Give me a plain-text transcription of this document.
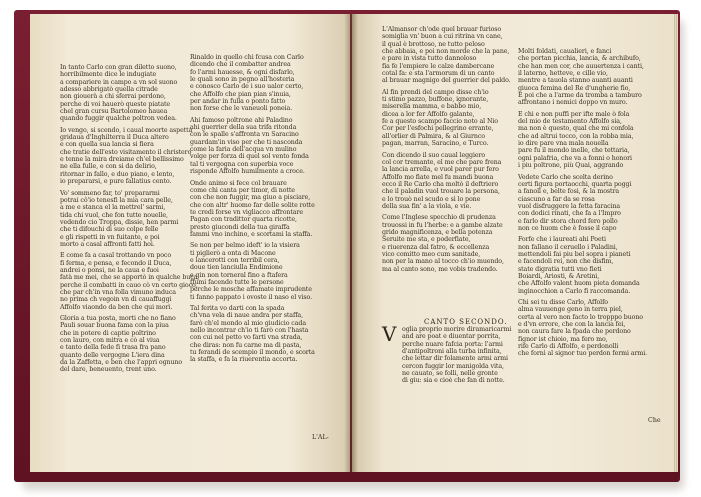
In tanto Carlo con gran diletto suono,
horribilmente dice le indugiate
a compariere in campo a vn sol suono
adesso abbrigatò quella citrade
non giouerà a chi sferrai perdono,
perche di voi hauerò queste piatate
chel gran cursu Bartolomeo hauea
quando fuggir qualche poltron vedea.
Io vengo, si scendo, i caual moorte aspetta
gridaua d'Inghilterra il Duca altero
e con quella sua lancia si fiera
che tratie dell'esto visitamento il christero
e tenne la mira dreiame ch'el bellissimo
ne ella fulle, e con si da delirio,
ritornar in fallo, e duo piano, e lento,
io prepararsi, e pure fallatius cento.
Vo' sommeno far, to' prepararmi
potrai cô'io tenesfi la mia cara pelle,
a me e stanca el la mettrel' sarmi,
tida chi vuol, che fon tutte nouelle,
vedendo cio Troppa, dissie, hen parmi
che ti difouchi di suo colpe felle
e gli rispetti in vn fuitante, e poi
morto a casal affronti fatti hoi.
E come fa a casal trottando vn poco
fi ferma, e pensa, e fecondo il Duca,
andrei o ponsi, ne la caua e fuoi
fatà me mei, che se apportò in qualche buca,
perche il combatti in cauo cò vn certo gioco,
che par ch'in vna folla vimuno induca
no prima ch vegoin vn di cauaffuggi
Affolfo viaondo da ben che qui morì.
Gloria a tua posta, morti che no fiano
Pauli souar buona fama con la piua
che in potere di captie poltrino
con lauro, con mitra e cò al viua
e tanto della fede fi trasa fra pano
quanto delle vergogne L'iera dina
da la Zaffetta, e ben che l'appri ognuno
del dare, beneuento, trent uno.
Rinaldo in quello chi fcusa con Carlo
dicendo che il combatter andrea
fo l'armi hauesse, & ogni disfarlo,
le quali sono in pegno all'hosteria
e conosco Carlo de i suo ualor certo,
che Affolfo che pian pian s'inuia,
per andar in fulla o ponto fatto
non forse che le vaneuoli poneia.
Ahi famoso poltrone ahi Paladino
ahi guerrier della sua trifa ritonda
con le spalle s'affronta vn Saracino
guardam'in viso per che ti nasconda
come la faria dell'acqua vn mulino
volge per forza di quel sol vento fonda
tal ti vergogna con superbia voce
risponde Affolfo humilmente a croce.
Onde animo si fece col brauare
come chi canta per timor, di notte
con che non fuggir, ma giuo a pisciare,
che con altr' huomo far delle solite rotte
te credi forse vn vigliacco affrontare
Pagan con tradittor quarta ricotte,
presto giucondi della tua giraffa
fammi vno inchino, e scortami la staffa.
Se non per belmo ideft' io la visiera
ti piglierò a onta di Macone
e lancerotti con terribil cera,
doue tien lanciulla Endimione
e gin non torneral fino a ftafera
ffumi facendo tutte le persone
perche le mosche affamate imprudente
ti fanno pappato i ovoste il naso el viso.
Tal ferita vo darti con la spada
ch'vna vela di naue andra per staffa,
farò ch'el mondo al mio giudicio cada
nello incontrar ch'io ti farò con l'hasta
con cui nel petto vo farti vna strada,
che diras: non fu carne ma di pasta,
tu ferandi de scempio il mondo, e scorta
la staffa, e fa la riuerentia accorta.
L'AL-
L'Almansor ch'ode quel brauar furioso
somiglia vn' buon a cui ritrina vn cane,
il qual è brottoso, ne tutto peloso
che abbaia, e poi non morde che la pane,
e pare in vista tutto dannoloso
fia fe l'empiere le calze dambercane
cotal fa: e sta l'armorum di un canto
al brauar magnigo del guerrier del paldo.
Al fin prendi del campo disse ch'io
ti stimo pazzo, buffone, ignorante,
miserella mamma, e babbo mio,
dicea a lor fer Affolfo galante,
fe a questo scampo faccio noto al Nio
Cor per l'esfochi pellegrino errante,
all'orlier di Palmira, & al Giurnco
pagan, marran, Saracino, e Turco.
Con dicendo il suo caual leggiero
col cor tremante, el me che pare frena
la lancia arrella, e vuol parer pur fero
Affolfo mo fiate mel fu mandi buona
ecco il Re Carlo cha moltò il deftriero
che il paladin vuol trouare la persona,
e lo trouò nel scudo e sì lo pone
della sua fin' a la viola, e vie.
Come l'Inglese specchio di prudenza
trouossi in fu l'herbe: e a gambe alzate
grido magnificenza, e bella potenza
Seruite me sta, e poderfiate,
e riuerenza dal fatro, & eccellenza
vico comitto meo cum sanitade,
non per la mano al tocco ch'io muendo,
ma al canto sono, me vobis tradendo.
CANTO SECONDO.
V oglia proprio morire diramaricarmi
and are poat e diuentar porrita,
perche nuare fafcia porta: l'armi
d'antipoltroni alla turba infinita,
che lettar dir folamente armi armi
cercon fuggir lor manigolda vita,
ne cauato, se folli, nelle gronte
di giu: sia e cioè che fan di notte.
Molti foldati, caualieri, e fanci
che portan picchia, lancia, & archibufo,
che han men cor, che auuertenza i canti,
il laterno, hetteve, e cille vio,
mentre a tauola stanno auanti auanti
giuoca femina del Re d'ungherie fio,
E poi che a l'arme da tromba a tamburo
affrontano i nemici doppo vn muro.
E chi e non puffi per ifte male ò fola
del mio de testamento Affolfo sia,
ma non è questo, qual che mi confola
che ad altrui tocco, con la robba mia,
io dire pare vna mala nouella
pare fu il mondo inelle, che tettaria,
ogni palafria, che va a fonni o honori
i piu poltrone, più Quai, aggrando
Vedete Carlo che scelta derino
certi figura portaocchi, quarta poggi
a fanoll e, belte fosi, & la mostra
ciascuno a far da se rosa
vuol disfruggere la fetta faracina
con dodici rinati, che fa a l'Impro
e farlo dir stora chord fero pollo
non ce huom che è fosse il capo
Forfe che i laureati ahi Poeti
non fallano il ceruello i Paladini,
mettendoli fai piu bel sopra i pianeti
e facendoli rei, non che disfim,
state digratia tutti vno fieti
Boiardi, Ariosti, & Aretini,
che Affolfo valent huom pieta domanda
inginocchion a Carlo fi raccomanda.
Chi sei tu disse Carlo, Affolfo
alma vauuenge geno in terra piel,
certa al vero non facto lo tropppo buono
e d'vn errore, che con la lancia fei,
non caura fare la fpada che perdono
fignor ist chioio, ma fero mo,
rife Carlo di Affolfo, e perdonolli
che fornì al signor tuo perdon fermi armi.
Che
